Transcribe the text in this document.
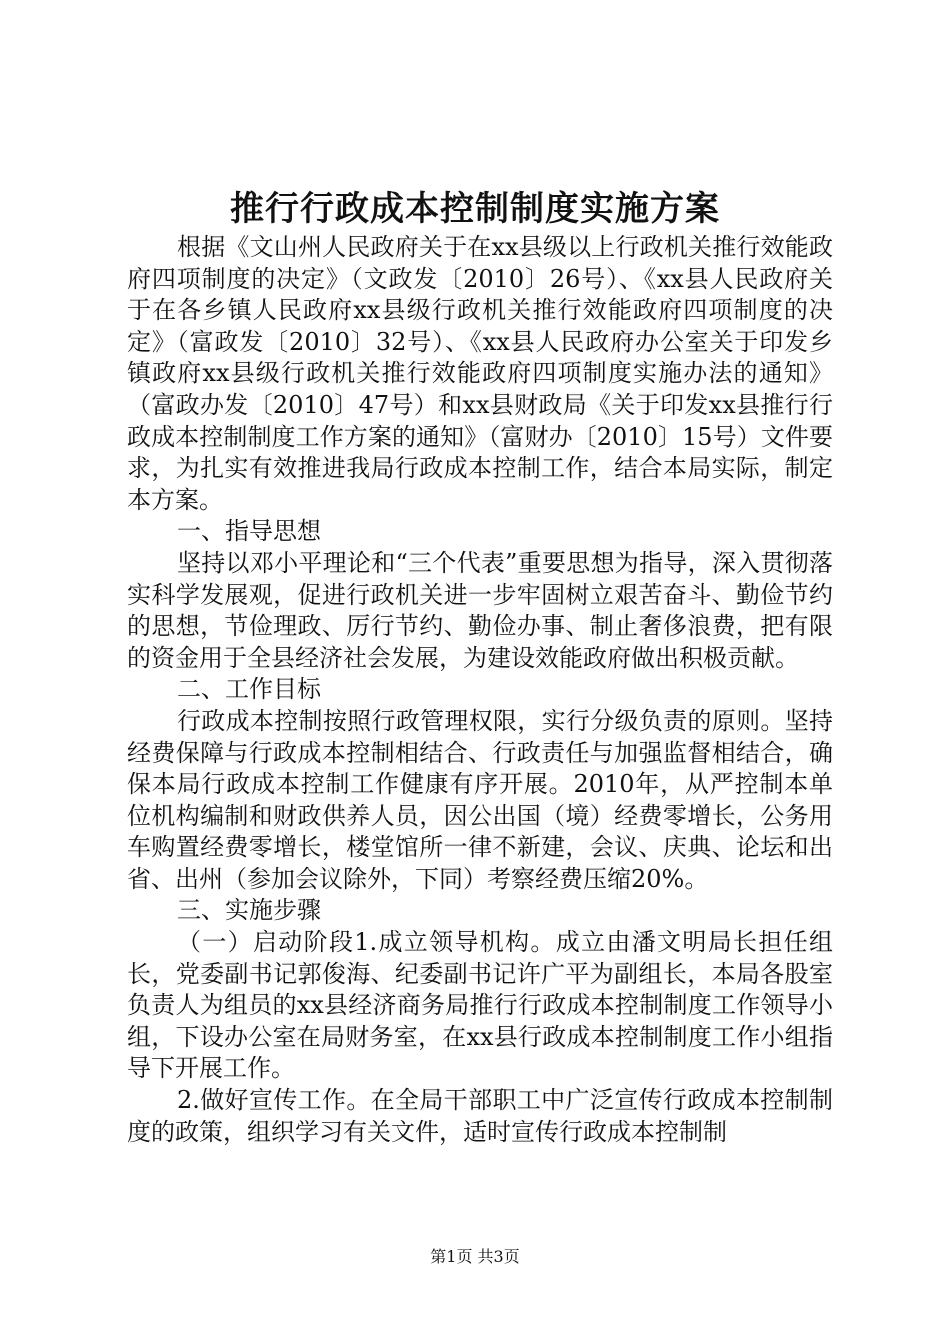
推行行政成本控制制度实施方案

根据《文山州人民政府关于在xx县级以上行政机关推行效能政府四项制度的决定》（文政发〔2010〕26号）、《xx县人民政府关于在各乡镇人民政府xx县级行政机关推行效能政府四项制度的决定》（富政发〔2010〕32号）、《xx县人民政府办公室关于印发乡镇政府xx县级行政机关推行效能政府四项制度实施办法的通知》（富政办发〔2010〕47号）和xx县财政局《关于印发xx县推行行政成本控制制度工作方案的通知》（富财办〔2010〕15号）文件要求，为扎实有效推进我局行政成本控制工作，结合本局实际，制定本方案。

一、指导思想

坚持以邓小平理论和“三个代表”重要思想为指导，深入贯彻落实科学发展观，促进行政机关进一步牢固树立艰苦奋斗、勤俭节约的思想，节俭理政、厉行节约、勤俭办事、制止奢侈浪费，把有限的资金用于全县经济社会发展，为建设效能政府做出积极贡献。

二、工作目标

行政成本控制按照行政管理权限，实行分级负责的原则。坚持经费保障与行政成本控制相结合、行政责任与加强监督相结合，确保本局行政成本控制工作健康有序开展。2010年，从严控制本单位机构编制和财政供养人员，因公出国（境）经费零增长，公务用车购置经费零增长，楼堂馆所一律不新建，会议、庆典、论坛和出省、出州（参加会议除外，下同）考察经费压缩20%。

三、实施步骤

（一）启动阶段1.成立领导机构。成立由潘文明局长担任组长，党委副书记郭俊海、纪委副书记许广平为副组长，本局各股室负责人为组员的xx县经济商务局推行行政成本控制制度工作领导小组，下设办公室在局财务室，在xx县行政成本控制制度工作小组指导下开展工作。

2.做好宣传工作。在全局干部职工中广泛宣传行政成本控制制度的政策，组织学习有关文件，适时宣传行政成本控制制

第1页 共3页
